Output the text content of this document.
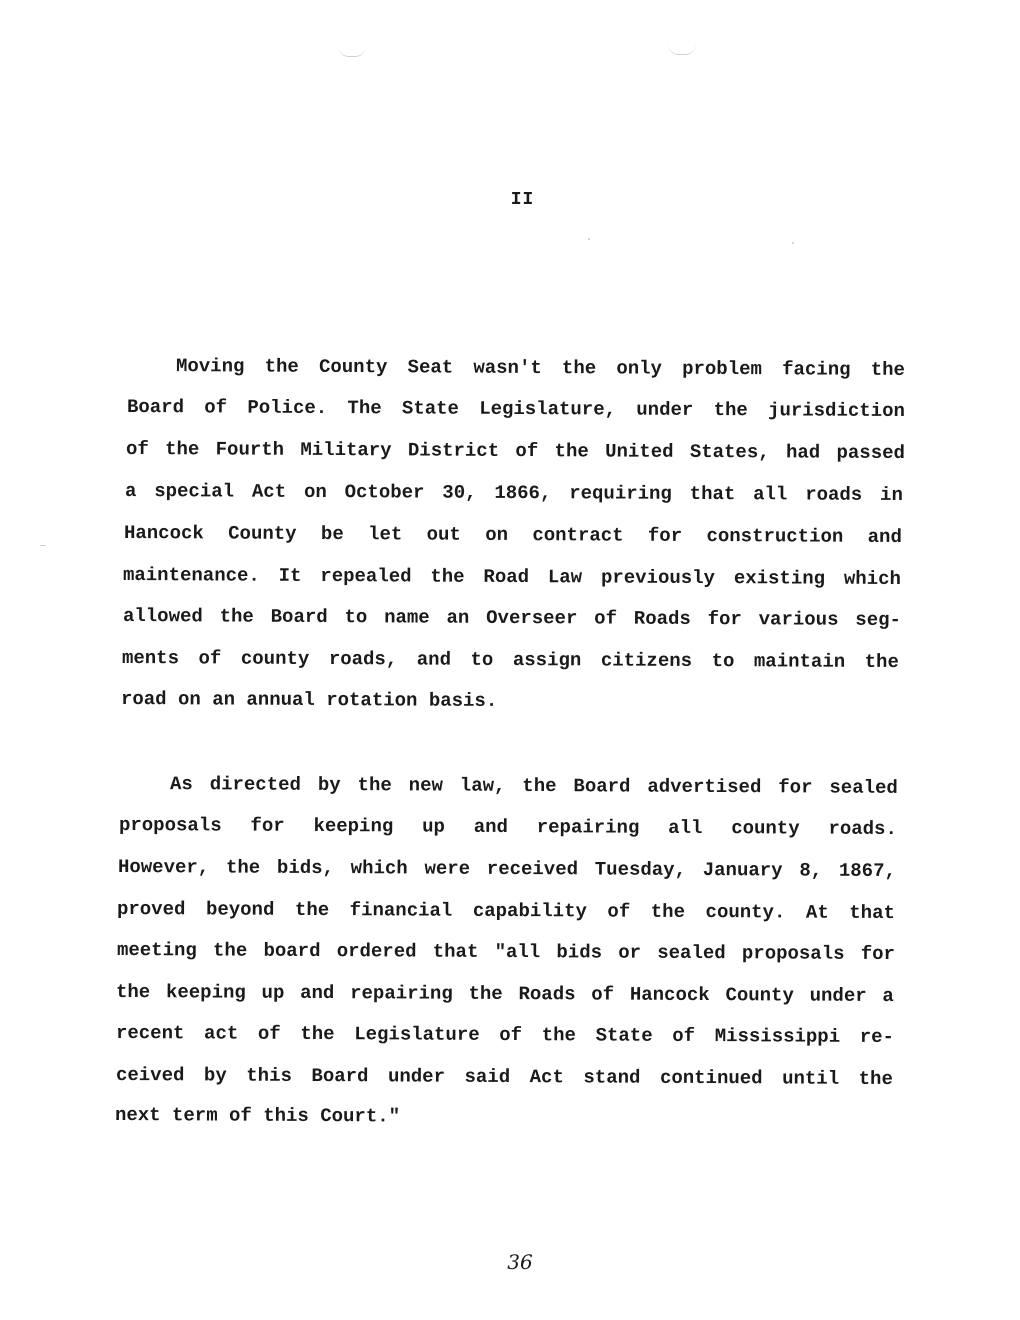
II
Moving the County Seat wasn't the only problem facing the
Board of Police. The State Legislature, under the jurisdiction
of the Fourth Military District of the United States, had passed
a special Act on October 30, 1866, requiring that all roads in
Hancock County be let out on contract for construction and
maintenance. It repealed the Road Law previously existing which
allowed the Board to name an Overseer of Roads for various seg-
ments of county roads, and to assign citizens to maintain the
road on an annual rotation basis.
As directed by the new law, the Board advertised for sealed
proposals for keeping up and repairing all county roads.
However, the bids, which were received Tuesday, January 8, 1867,
proved beyond the financial capability of the county. At that
meeting the board ordered that "all bids or sealed proposals for
the keeping up and repairing the Roads of Hancock County under a
recent act of the Legislature of the State of Mississippi re-
ceived by this Board under said Act stand continued until the
next term of this Court."
36
